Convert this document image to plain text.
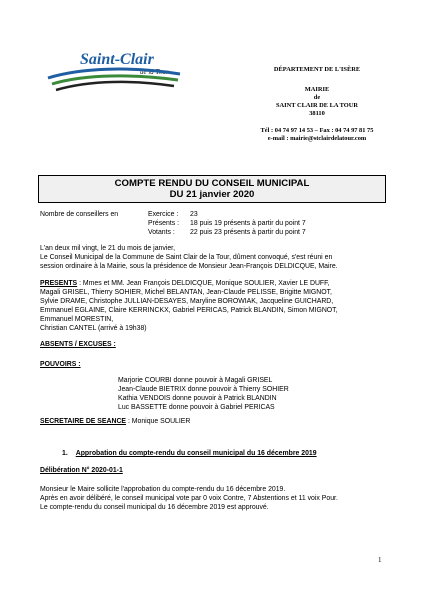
Saint-Clair
de la Tour	DÉPARTEMENT DE L'ISÈRE
MAIRIE
de
SAINT CLAIR DE LA TOUR
38110
Tél : 04 74 97 14 53 – Fax : 04 74 97 81 75
e-mail : mairie@stclairdelatour.com
COMPTE RENDU DU CONSEIL MUNICIPAL
DU 21 janvier 2020
Nombre de conseillers en	Exercice : 23
Présents : 18 puis 19 présents à partir du point 7
Votants : 22 puis 23 présents à partir du point 7
L'an deux mil vingt, le 21 du mois de janvier,
Le Conseil Municipal de la Commune de Saint Clair de la Tour, dûment convoqué, s'est réuni en
session ordinaire à la Mairie, sous la présidence de Monsieur Jean-François DELDICQUE, Maire.
PRESENTS : Mmes et MM. Jean François DELDICQUE, Monique SOULIER, Xavier LE DUFF,
Magali GRISEL, Thierry SOHIER, Michel BELANTAN, Jean-Claude PELISSE, Brigitte MIGNOT,
Sylvie DRAME, Christophe JULLIAN-DESAYES, Maryline BOROWIAK, Jacqueline GUICHARD,
Emmanuel EGLAINE, Claire KERRINCKX, Gabriel PERICAS, Patrick BLANDIN, Simon MIGNOT,
Emmanuel MORESTIN,
Christian CANTEL (arrivé à 19h38)
ABSENTS / EXCUSES :
POUVOIRS :
Marjorie COURBI donne pouvoir à Magali GRISEL
Jean-Claude BIETRIX donne pouvoir à Thierry SOHIER
Kathia VENDOIS donne pouvoir à Patrick BLANDIN
Luc BASSETTE donne pouvoir à Gabriel PERICAS
SECRETAIRE DE SEANCE : Monique SOULIER
1. Approbation du compte-rendu du conseil municipal du 16 décembre 2019
Délibération N° 2020-01-1
Monsieur le Maire sollicite l'approbation du compte-rendu du 16 décembre 2019.
Après en avoir délibéré, le conseil municipal vote par 0 voix Contre, 7 Abstentions et 11 voix Pour.
Le compte-rendu du conseil municipal du 16 décembre 2019 est approuvé.
1
